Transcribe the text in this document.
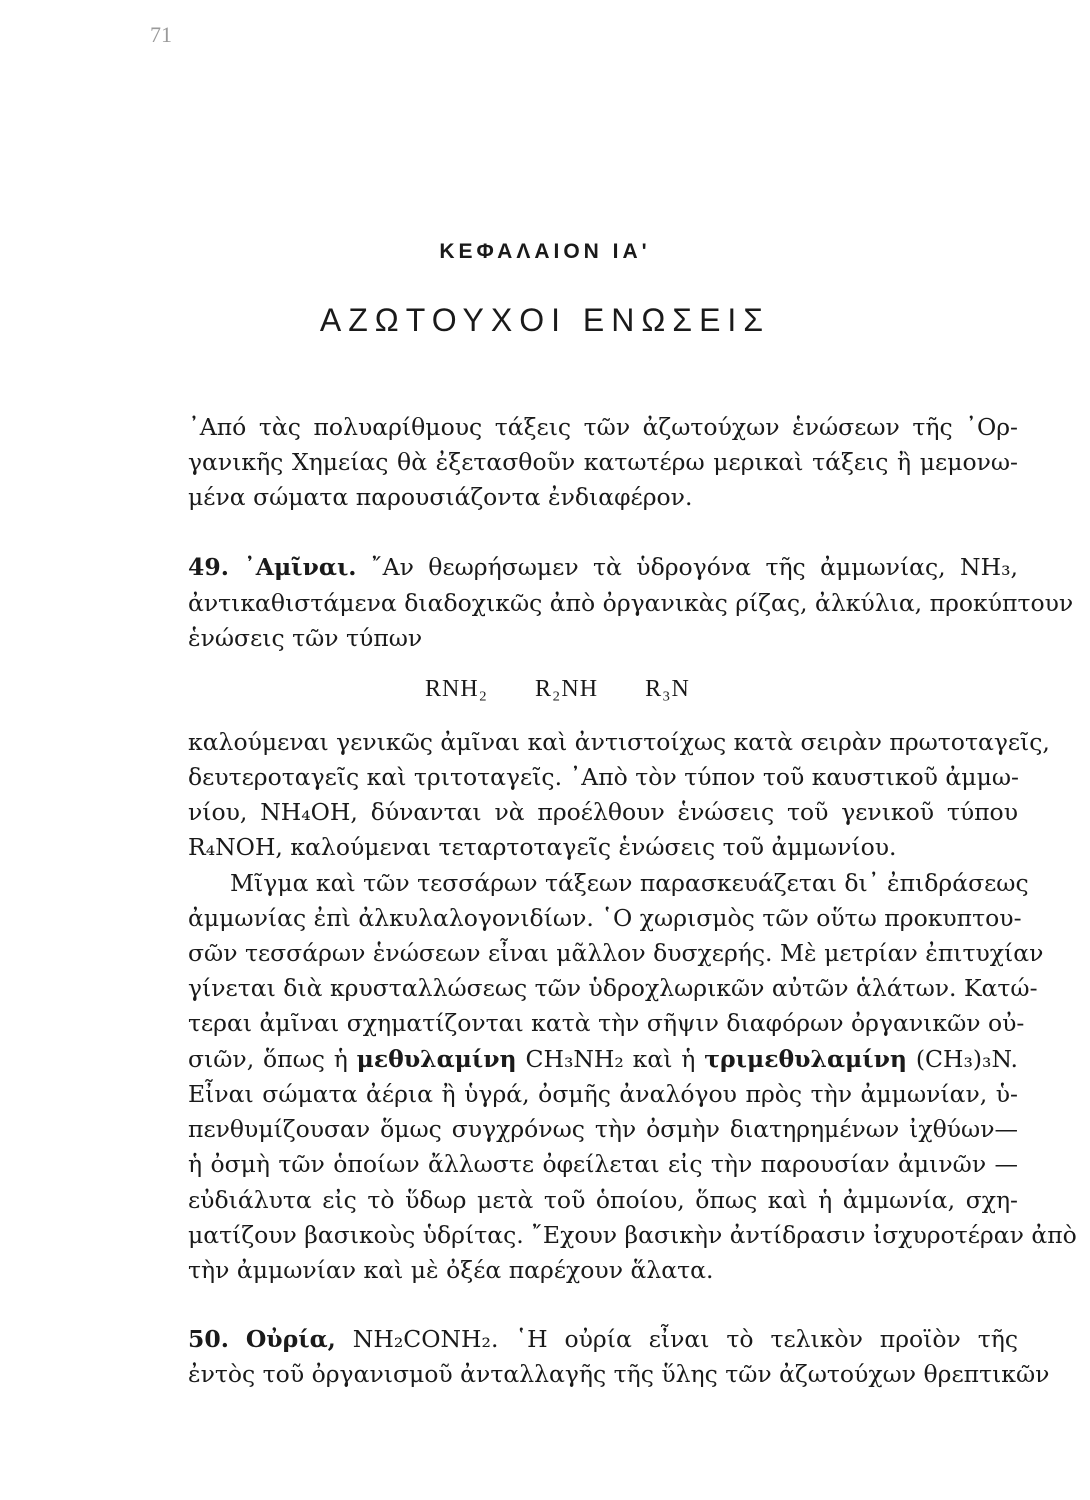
71
ΚΕΦΑΛΑΙΟΝ ΙΑ'
ΑΖΩΤΟΥΧΟΙ ΕΝΩΣΕΙΣ
᾿Από τὰς πολυαρίθμους τάξεις τῶν ἀζωτούχων ἑνώσεων τῆς ᾿Ορ-
γανικῆς Χημείας θὰ ἐξετασθοῦν κατωτέρω μερικαὶ τάξεις ἢ μεμονω-
μένα σώματα παρουσιάζοντα ἐνδιαφέρον.
49. ᾿Αμῖναι. ῎Αν θεωρήσωμεν τὰ ὑδρογόνα τῆς ἀμμωνίας, NH₃,
ἀντικαθιστάμενα διαδοχικῶς ἀπὸ ὀργανικὰς ρίζας, ἀλκύλια, προκύπτουν
ἑνώσεις τῶν τύπων
RNH₂ R₂NH R₃N
καλούμεναι γενικῶς ἀμῖναι καὶ ἀντιστοίχως κατὰ σειρὰν πρωτοταγεῖς,
δευτεροταγεῖς καὶ τριτοταγεῖς. ᾿Απὸ τὸν τύπον τοῦ καυστικοῦ ἀμμω-
νίου, NH₄OH, δύνανται νὰ προέλθουν ἑνώσεις τοῦ γενικοῦ τύπου
R₄NOH, καλούμεναι τεταρτοταγεῖς ἑνώσεις τοῦ ἀμμωνίου.
Μῖγμα καὶ τῶν τεσσάρων τάξεων παρασκευάζεται δι᾿ ἐπιδράσεως
ἀμμωνίας ἐπὶ ἀλκυλαλογονιδίων. ῾Ο χωρισμὸς τῶν οὕτω προκυπτου-
σῶν τεσσάρων ἑνώσεων εἶναι μᾶλλον δυσχερής. Μὲ μετρίαν ἐπιτυχίαν
γίνεται διὰ κρυσταλλώσεως τῶν ὑδροχλωρικῶν αὐτῶν ἁλάτων. Κατώ-
τεραι ἀμῖναι σχηματίζονται κατὰ τὴν σῆψιν διαφόρων ὀργανικῶν οὐ-
σιῶν, ὅπως ἡ μεθυλαμίνη CH₃NH₂ καὶ ἡ τριμεθυλαμίνη (CH₃)₃N.
Εἶναι σώματα ἀέρια ἢ ὑγρά, ὀσμῆς ἀναλόγου πρὸς τὴν ἀμμωνίαν, ὑ-
πενθυμίζουσαν ὅμως συγχρόνως τὴν ὀσμὴν διατηρημένων ἰχθύων—
ἡ ὀσμὴ τῶν ὁποίων ἄλλωστε ὀφείλεται εἰς τὴν παρουσίαν ἀμινῶν —
εὐδιάλυτα εἰς τὸ ὕδωρ μετὰ τοῦ ὁποίου, ὅπως καὶ ἡ ἀμμωνία, σχη-
ματίζουν βασικοὺς ὑδρίτας. ῎Εχουν βασικὴν ἀντίδρασιν ἰσχυροτέραν ἀπὸ
τὴν ἀμμωνίαν καὶ μὲ ὀξέα παρέχουν ἅλατα.
50. Οὐρία, NH₂CONH₂. ῾Η οὐρία εἶναι τὸ τελικὸν προϊὸν τῆς
ἐντὸς τοῦ ὀργανισμοῦ ἀνταλλαγῆς τῆς ὕλης τῶν ἀζωτούχων θρεπτικῶν
